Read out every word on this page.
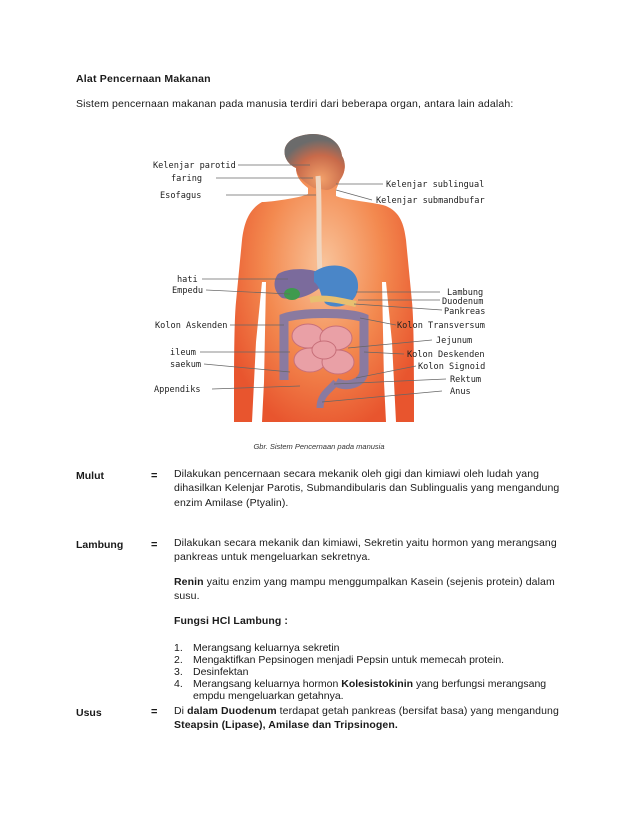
Alat Pencernaan Makanan
Sistem pencernaan makanan pada manusia terdiri dari beberapa organ, antara lain adalah:
Kelenjar parotid
faring
Esofagus
hati
Empedu
Kolon Askenden
ileum
saekum
Appendiks
Kelenjar sublingual
Kelenjar submandbufar
Lambung
Duodenum
Pankreas
Kolon Transversum
Jejunum
Kolon Deskenden
Kolon Signoid
Rektum
Anus
Gbr. Sistem Pencernaan pada manusia
Mulut	= Dilakukan pencernaan secara mekanik oleh gigi dan kimiawi oleh ludah yang dihasilkan Kelenjar Parotis, Submandibularis dan Sublingualis yang mengandung enzim Amilase (Ptyalin).
Lambung	= Dilakukan secara mekanik dan kimiawi, Sekretin yaitu hormon yang merangsang pankreas untuk mengeluarkan sekretnya.
Renin yaitu enzim yang mampu menggumpalkan Kasein (sejenis protein) dalam susu.
Fungsi HCl Lambung :
1. Merangsang keluarnya sekretin
2. Mengaktifkan Pepsinogen menjadi Pepsin untuk memecah protein.
3. Desinfektan
4. Merangsang keluarnya hormon Kolesistokinin yang berfungsi merangsang empdu mengeluarkan getahnya.
Usus	= Di dalam Duodenum terdapat getah pankreas (bersifat basa) yang mengandung Steapsin (Lipase), Amilase dan Tripsinogen.
